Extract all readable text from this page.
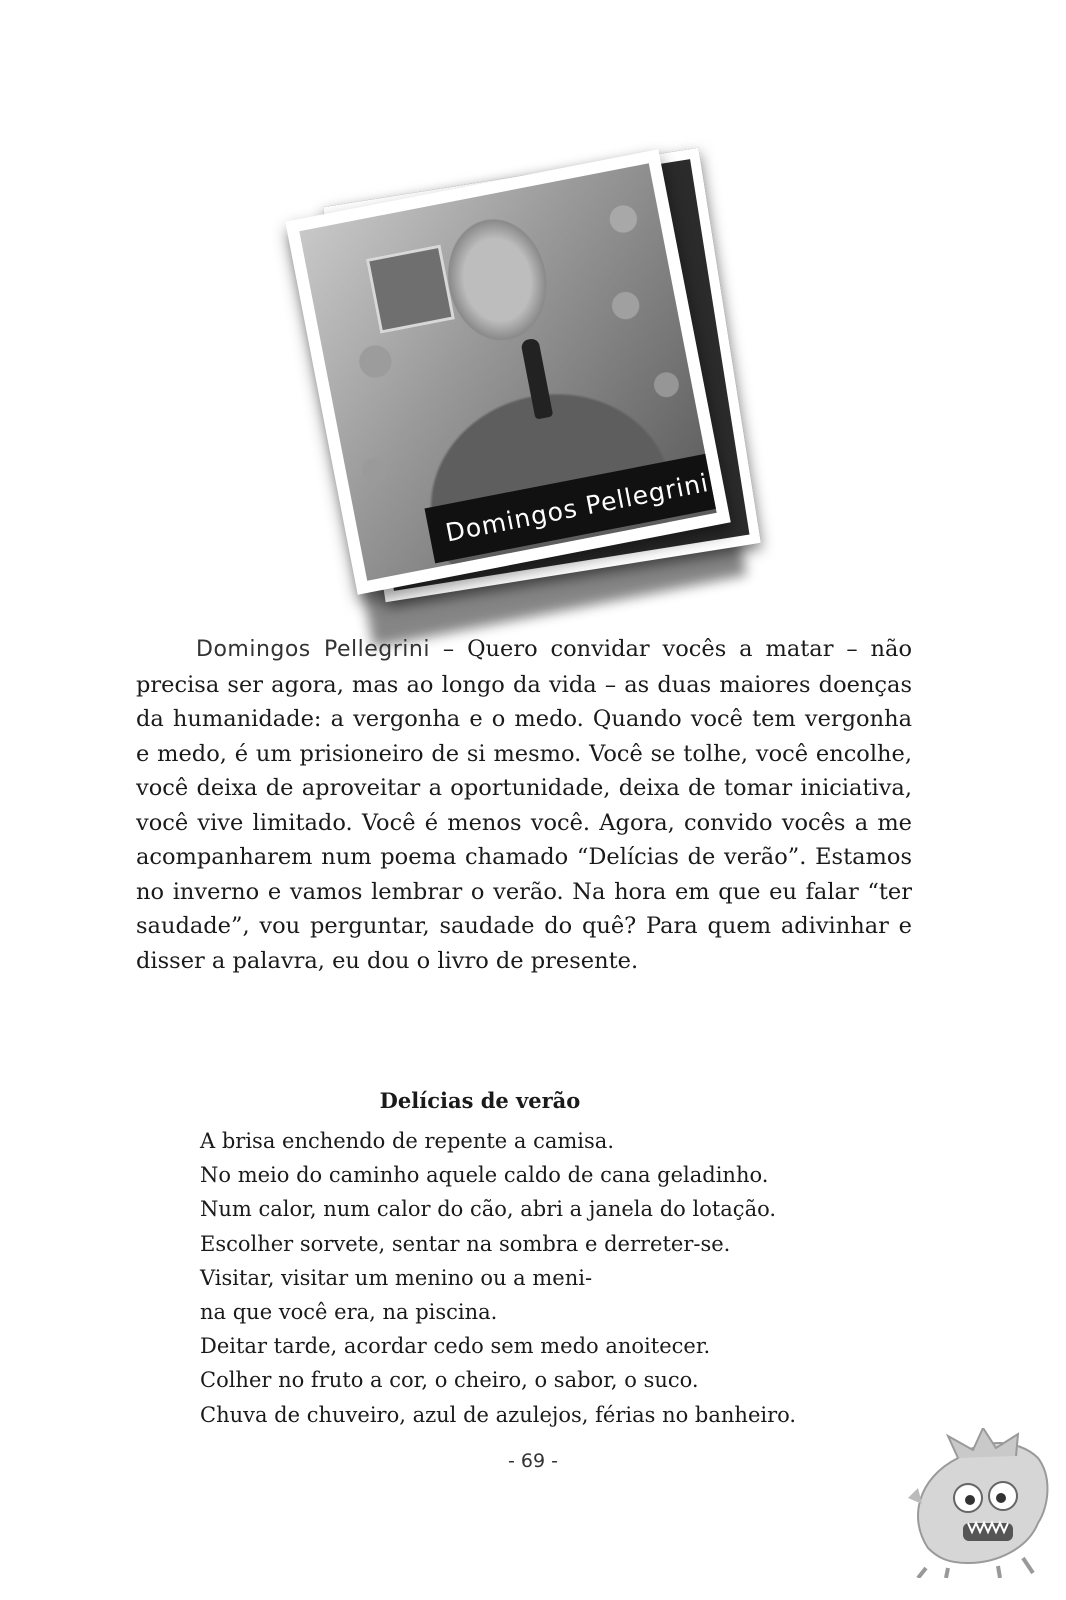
Domingos Pellegrini

Domingos Pellegrini – Quero convidar vocês a matar – não precisa ser agora, mas ao longo da vida – as duas maiores doenças da humanidade: a vergonha e o medo. Quando você tem vergonha e medo, é um prisioneiro de si mesmo. Você se tolhe, você encolhe, você deixa de aproveitar a oportunidade, deixa de tomar iniciativa, você vive limitado. Você é menos você. Agora, convido vocês a me acompanharem num poema chamado “Delícias de verão”. Estamos no inverno e vamos lembrar o verão. Na hora em que eu falar “ter saudade”, vou perguntar, saudade do quê? Para quem adivinhar e disser a palavra, eu dou o livro de presente.

Delícias de verão
A brisa enchendo de repente a camisa.
No meio do caminho aquele caldo de cana geladinho.
Num calor, num calor do cão, abri a janela do lotação.
Escolher sorvete, sentar na sombra e derreter-se.
Visitar, visitar um menino ou a meni-
na que você era, na piscina.
Deitar tarde, acordar cedo sem medo anoitecer.
Colher no fruto a cor, o cheiro, o sabor, o suco.
Chuva de chuveiro, azul de azulejos, férias no banheiro.
- 69 -
